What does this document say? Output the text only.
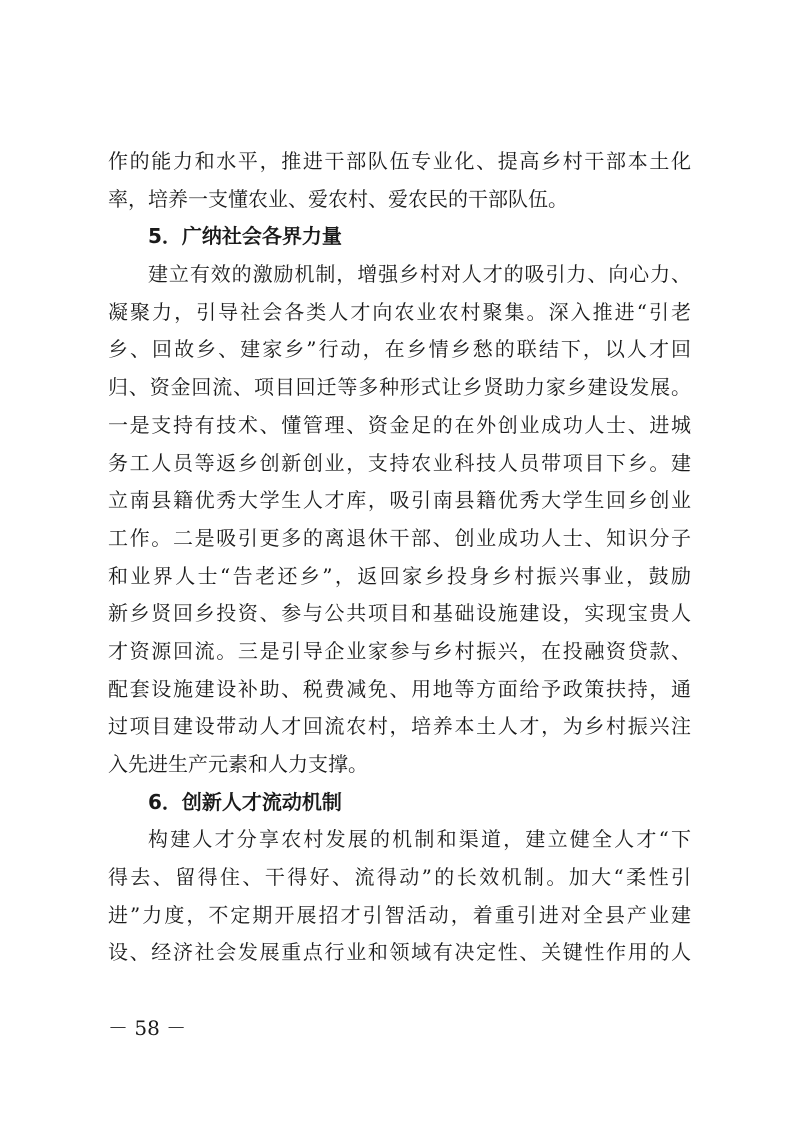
作的能力和水平，推进干部队伍专业化、提高乡村干部本土化
率，培养一支懂农业、爱农村、爱农民的干部队伍。
5．广纳社会各界力量
建立有效的激励机制，增强乡村对人才的吸引力、向心力、
凝聚力，引导社会各类人才向农业农村聚集。深入推进“引老
乡、回故乡、建家乡”行动，在乡情乡愁的联结下，以人才回
归、资金回流、项目回迁等多种形式让乡贤助力家乡建设发展。
一是支持有技术、懂管理、资金足的在外创业成功人士、进城
务工人员等返乡创新创业，支持农业科技人员带项目下乡。建
立南县籍优秀大学生人才库，吸引南县籍优秀大学生回乡创业
工作。二是吸引更多的离退休干部、创业成功人士、知识分子
和业界人士“告老还乡”，返回家乡投身乡村振兴事业，鼓励
新乡贤回乡投资、参与公共项目和基础设施建设，实现宝贵人
才资源回流。三是引导企业家参与乡村振兴，在投融资贷款、
配套设施建设补助、税费减免、用地等方面给予政策扶持，通
过项目建设带动人才回流农村，培养本土人才，为乡村振兴注
入先进生产元素和人力支撑。
6．创新人才流动机制
构建人才分享农村发展的机制和渠道，建立健全人才“下
得去、留得住、干得好、流得动”的长效机制。加大“柔性引
进”力度，不定期开展招才引智活动，着重引进对全县产业建
设、经济社会发展重点行业和领域有决定性、关键性作用的人
－ 58 －
